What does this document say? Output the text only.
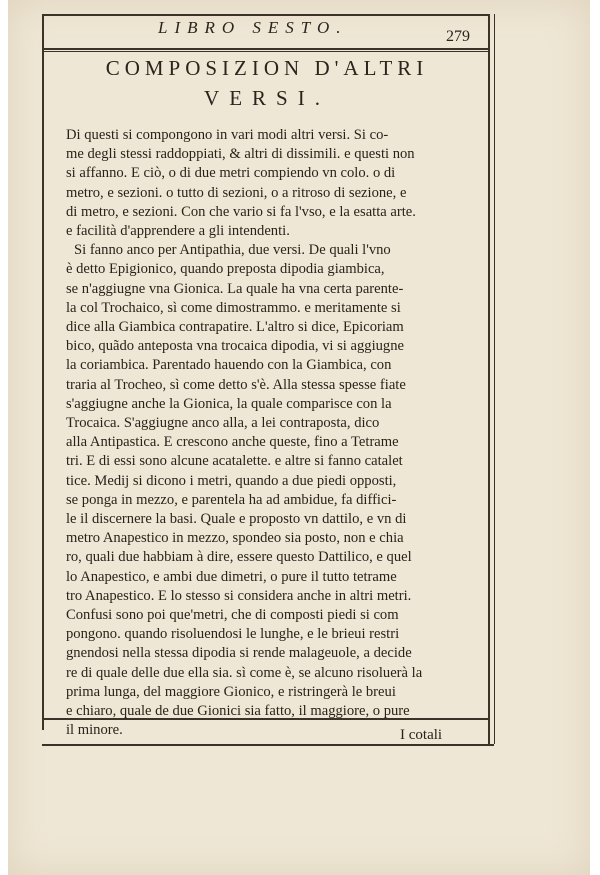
LIBRO SESTO.	279
COMPOSIZION D'ALTRI
VERSI.
Di questi si compongono in vari modi altri versi. Si co-
me degli stessi raddoppiati, & altri di dissimili. e questi non
si affanno. E ciò, o di due metri compiendo vn colo. o di
metro, e sezioni. o tutto di sezioni, o a ritroso di sezione, e
di metro, e sezioni. Con che vario si fa l'vso, e la esatta arte.
e facilità d'apprendere a gli intendenti.
Si fanno anco per Antipathia, due versi. De quali l'vno
è detto Epigionico, quando preposta dipodia giambica,
se n'aggiugne vna Gionica. La quale ha vna certa parente-
la col Trochaico, sì come dimostrammo. e meritamente si
dice alla Giambica contrapatire. L'altro si dice, Epicoriam
bico, quãdo anteposta vna trocaica dipodia, vi si aggiugne
la coriambica. Parentado hauendo con la Giambica, con
traria al Trocheo, sì come detto s'è. Alla stessa spesse fiate
s'aggiugne anche la Gionica, la quale comparisce con la
Trocaica. S'aggiugne anco alla, a lei contraposta, dico
alla Antipastica. E crescono anche queste, fino a Tetrame
tri. E di essi sono alcune acatalette. e altre si fanno catalet
tice. Medij si dicono i metri, quando a due piedi opposti,
se ponga in mezzo, e parentela ha ad ambidue, fa diffici-
le il discernere la basi. Quale e proposto vn dattilo, e vn di
metro Anapestico in mezzo, spondeo sia posto, non e chia
ro, quali due habbiam à dire, essere questo Dattilico, e quel
lo Anapestico, e ambi due dimetri, o pure il tutto tetrame
tro Anapestico. E lo stesso si considera anche in altri metri.
Confusi sono poi que'metri, che di composti piedi si com
pongono. quando risoluendosi le lunghe, e le brieui restri
gnendosi nella stessa dipodia si rende malageuole, a decide
re di quale delle due ella sia. sì come è, se alcuno risoluerà la
prima lunga, del maggiore Gionico, e ristringerà le breui
e chiaro, quale de due Gionici sia fatto, il maggiore, o pure
il minore.	I cotali
